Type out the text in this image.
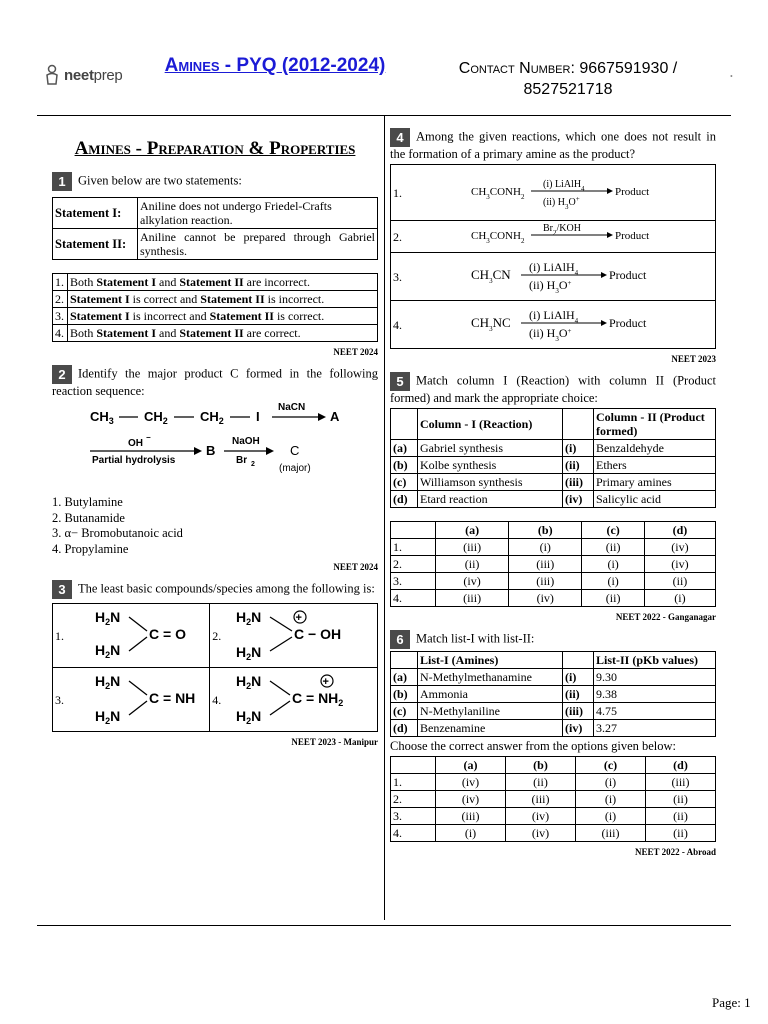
neetprep	Amines - PYQ (2012-2024)	Contact Number: 9667591930 / 8527521718
•
Amines - Preparation & Properties
1 Given below are two statements:
Statement I:	Aniline does not undergo Friedel-Crafts alkylation reaction.
Statement II:	Aniline cannot be prepared through Gabriel synthesis.
1.	Both Statement I and Statement II are incorrect.
2.	Statement I is correct and Statement II is incorrect.
3.	Statement I is incorrect and Statement II is correct.
4.	Both Statement I and Statement II are correct.
NEET 2024
2 Identify the major product C formed in the following reaction sequence:
$CH_3$ $CH_2$ $CH_2$ I
NaCN
A
OH
−
Partial hydrolysis
B
NaOH
Br 2
C
(major)
1. Butylamine
2. Butanamide
3. α− Bromobutanoic acid
4. Propylamine
NEET 2024
3 The least basic compounds/species among the following is:
1.	$H_2N$
$H_2N$
C = O	2.	$H_2N$ +
$H_2N$
C − OH

3.	$H_2N$
$H_2N$
C = NH	4.	$H_2N$ +
$H_2N$
$C = NH_2$
NEET 2023 - Manipur
4 Among the given reactions, which one does not result in the formation of a primary amine as the product?
1.	$CH_3CONH_2$
(i) LiAlH$_4$
(ii) $H_3O^+$
Product

2.	$CH_3CONH_2$
$Br_2$/KOH
Product

3.	$CH_3CN$ (i) LiAlH$_4$
(ii) $H_3O^+$
Product

4.	$CH_3NC$ (i) LiAlH$_4$
(ii) $H_3O^+$
Product
NEET 2023
5 Match column I (Reaction) with column II (Product formed) and mark the appropriate choice:
	Column - I (Reaction)		Column - II (Product formed)
(a)	Gabriel synthesis	(i)	Benzaldehyde
(b)	Kolbe synthesis	(ii)	Ethers
(c)	Williamson synthesis	(iii)	Primary amines
(d)	Etard reaction	(iv)	Salicylic acid
	(a)	(b)	(c)	(d)
1.	(iii)	(i)	(ii)	(iv)
2.	(ii)	(iii)	(i)	(iv)
3.	(iv)	(iii)	(i)	(ii)
4.	(iii)	(iv)	(ii)	(i)
NEET 2022 - Ganganagar
6 Match list-I with list-II:
	List-I (Amines)		List-II (pKb values)
(a)	N-Methylmethanamine	(i)	9.30
(b)	Ammonia	(ii)	9.38
(c)	N-Methylaniline	(iii)	4.75
(d)	Benzenamine	(iv)	3.27
Choose the correct answer from the options given below:
	(a)	(b)	(c)	(d)
1.	(iv)	(ii)	(i)	(iii)
2.	(iv)	(iii)	(i)	(ii)
3.	(iii)	(iv)	(i)	(ii)
4.	(i)	(iv)	(iii)	(ii)
NEET 2022 - Abroad
Page: 1
